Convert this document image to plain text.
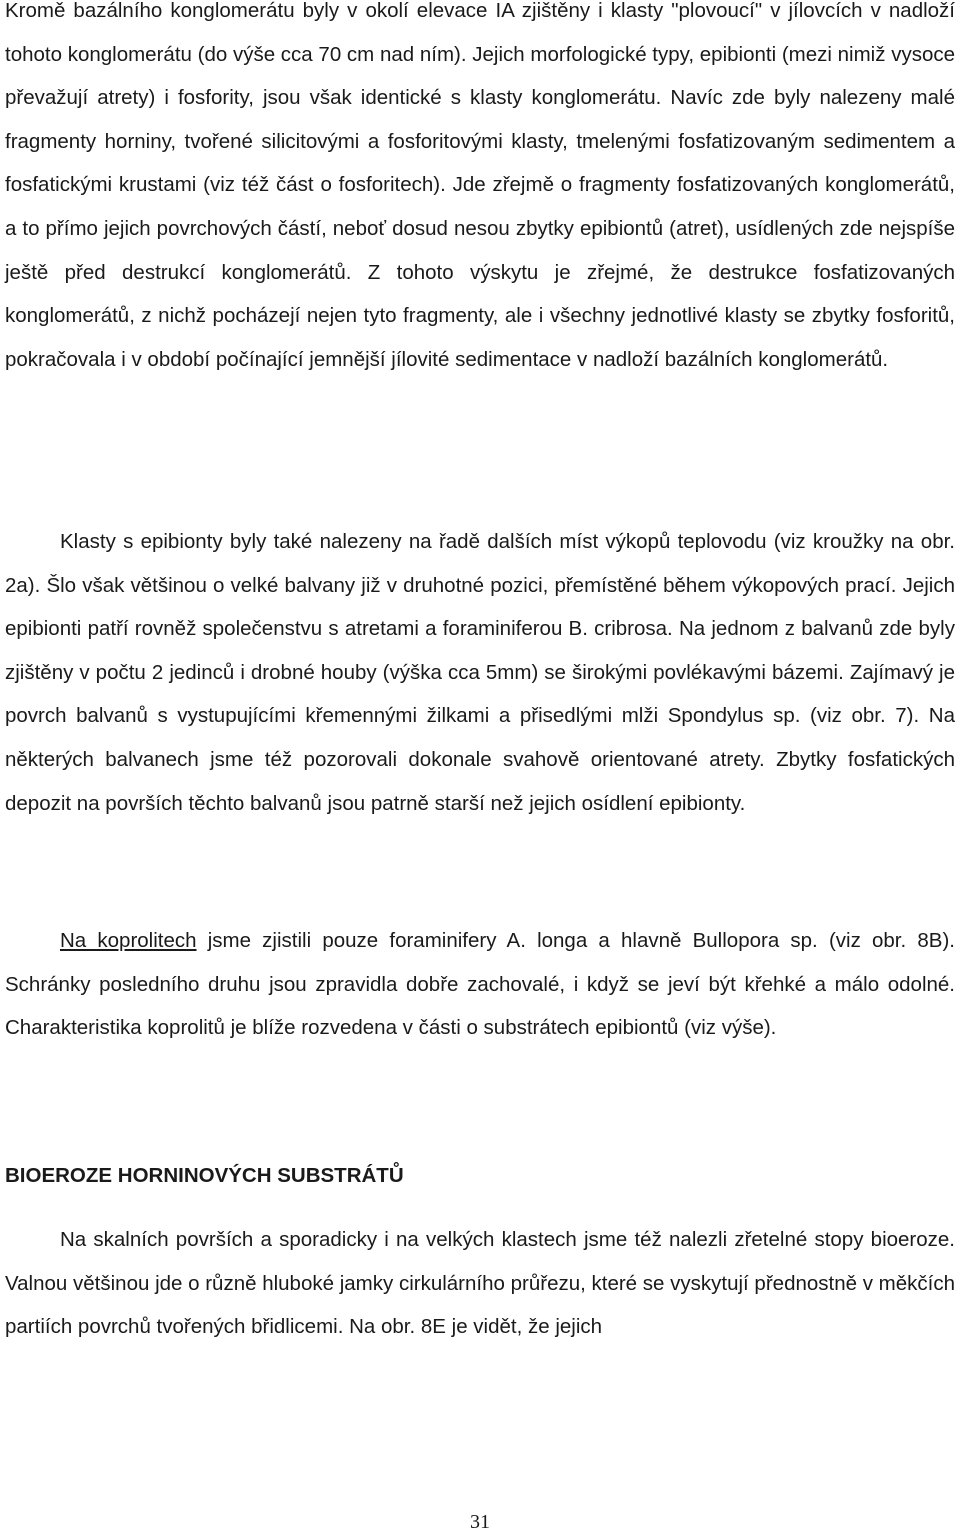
Kromě bazálního konglomerátu byly v okolí elevace IA zjištěny i klasty "plovoucí" v jílovcích v nadloží tohoto konglomerátu (do výše cca 70 cm nad ním). Jejich morfologické typy, epibionti (mezi nimiž vysoce převažují atrety) i fosfority, jsou však identické s klasty konglomerátu. Navíc zde byly nalezeny malé fragmenty horniny, tvořené silicitovými a fosforitovými klasty, tmelenými fosfatizovaným sedimentem a fosfatickými krustami (viz též část o fosforitech). Jde zřejmě o fragmenty fosfatizovaných konglomerátů, a to přímo jejich povrchových částí, neboť dosud nesou zbytky epibiontů (atret), usídlených zde nejspíše ještě před destrukcí konglomerátů. Z tohoto výskytu je zřejmé, že destrukce fosfatizovaných konglomerátů, z nichž pocházejí nejen tyto fragmenty, ale i všechny jednotlivé klasty se zbytky fosforitů, pokračovala i v období počínající jemnější jílovité sedimentace v nadloží bazálních konglomerátů.

Klasty s epibionty byly také nalezeny na řadě dalších míst výkopů teplovodu (viz kroužky na obr. 2a). Šlo však většinou o velké balvany již v druhotné pozici, přemístěné během výkopových prací. Jejich epibionti patří rovněž společenstvu s atretami a foraminiferou B. cribrosa. Na jednom z balvanů zde byly zjištěny v počtu 2 jedinců i drobné houby (výška cca 5mm) se širokými povlékavými bázemi. Zajímavý je povrch balvanů s vystupujícími křemennými žilkami a přisedlými mlži Spondylus sp. (viz obr. 7). Na některých balvanech jsme též pozorovali dokonale svahově orientované atrety. Zbytky fosfatických depozit na površích těchto balvanů jsou patrně starší než jejich osídlení epibionty.

Na koprolitech jsme zjistili pouze foraminifery A. longa a hlavně Bullopora sp. (viz obr. 8B). Schránky posledního druhu jsou zpravidla dobře zachovalé, i když se jeví být křehké a málo odolné. Charakteristika koprolitů je blíže rozvedena v části o substrátech epibiontů (viz výše).

BIOEROZE HORNINOVÝCH SUBSTRÁTŮ

Na skalních površích a sporadicky i na velkých klastech jsme též nalezli zřetelné stopy bioeroze. Valnou většinou jde o různě hluboké jamky cirkulárního průřezu, které se vyskytují přednostně v měkčích partiích povrchů tvořených břidlicemi. Na obr. 8E je vidět, že jejich

31
